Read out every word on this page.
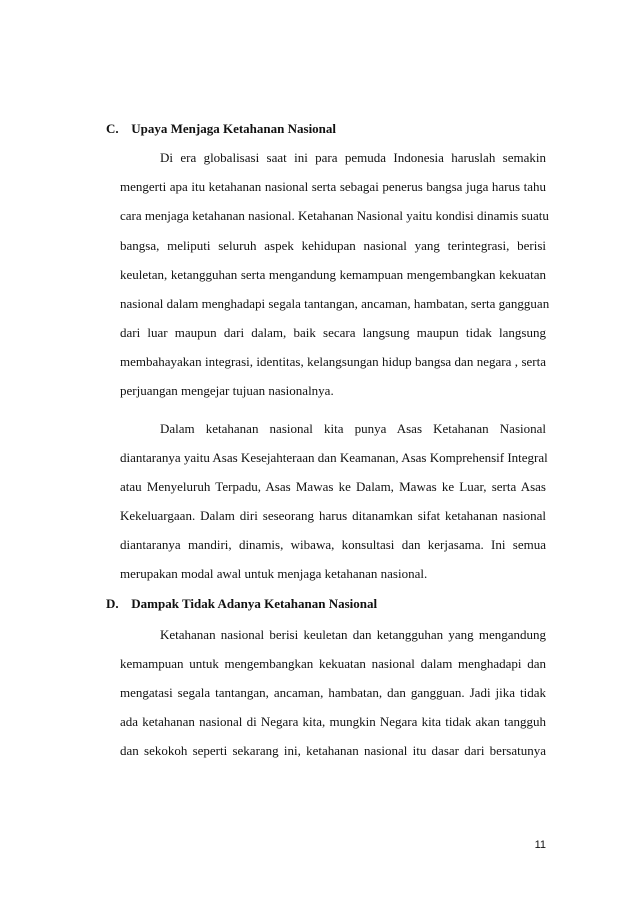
C. Upaya Menjaga Ketahanan Nasional
Di era globalisasi saat ini para pemuda Indonesia haruslah semakin
mengerti apa itu ketahanan nasional serta sebagai penerus bangsa juga harus tahu
cara menjaga ketahanan nasional. Ketahanan Nasional yaitu kondisi dinamis suatu
bangsa, meliputi seluruh aspek kehidupan nasional yang terintegrasi, berisi
keuletan, ketangguhan serta mengandung kemampuan mengembangkan kekuatan
nasional dalam menghadapi segala tantangan, ancaman, hambatan, serta gangguan
dari luar maupun dari dalam, baik secara langsung maupun tidak langsung
membahayakan integrasi, identitas, kelangsungan hidup bangsa dan negara , serta
perjuangan mengejar tujuan nasionalnya.
Dalam ketahanan nasional kita punya Asas Ketahanan Nasional
diantaranya yaitu Asas Kesejahteraan dan Keamanan, Asas Komprehensif Integral
atau Menyeluruh Terpadu, Asas Mawas ke Dalam, Mawas ke Luar, serta Asas
Kekeluargaan. Dalam diri seseorang harus ditanamkan sifat ketahanan nasional
diantaranya mandiri, dinamis, wibawa, konsultasi dan kerjasama. Ini semua
merupakan modal awal untuk menjaga ketahanan nasional.
D. Dampak Tidak Adanya Ketahanan Nasional
Ketahanan nasional berisi keuletan dan ketangguhan yang mengandung
kemampuan untuk mengembangkan kekuatan nasional dalam menghadapi dan
mengatasi segala tantangan, ancaman, hambatan, dan gangguan. Jadi jika tidak
ada ketahanan nasional di Negara kita, mungkin Negara kita tidak akan tangguh
dan sekokoh seperti sekarang ini, ketahanan nasional itu dasar dari bersatunya
11
